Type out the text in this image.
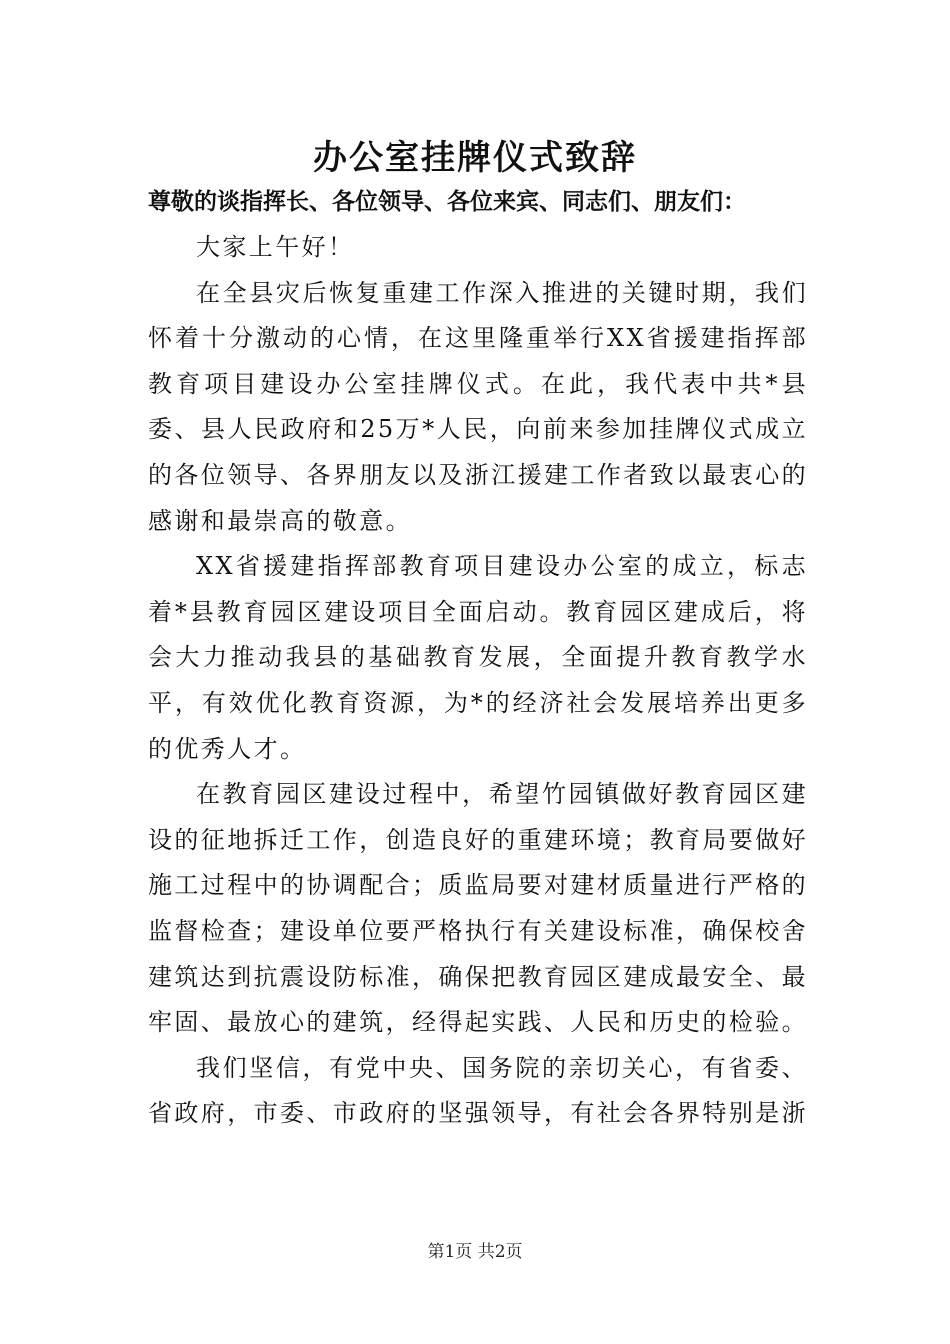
办公室挂牌仪式致辞
尊敬的谈指挥长、各位领导、各位来宾、同志们、朋友们：

大家上午好！

在全县灾后恢复重建工作深入推进的关键时期，我们怀着十分激动的心情，在这里隆重举行XX省援建指挥部教育项目建设办公室挂牌仪式。在此，我代表中共*县委、县人民政府和25万*人民，向前来参加挂牌仪式成立的各位领导、各界朋友以及浙江援建工作者致以最衷心的感谢和最崇高的敬意。

XX省援建指挥部教育项目建设办公室的成立，标志着*县教育园区建设项目全面启动。教育园区建成后，将会大力推动我县的基础教育发展，全面提升教育教学水平，有效优化教育资源，为*的经济社会发展培养出更多的优秀人才。

在教育园区建设过程中，希望竹园镇做好教育园区建设的征地拆迁工作，创造良好的重建环境；教育局要做好施工过程中的协调配合；质监局要对建材质量进行严格的监督检查；建设单位要严格执行有关建设标准，确保校舍建筑达到抗震设防标准，确保把教育园区建成最安全、最牢固、最放心的建筑，经得起实践、人民和历史的检验。

我们坚信，有党中央、国务院的亲切关心，有省委、省政府，市委、市政府的坚强领导，有社会各界特别是浙

第1页 共2页
